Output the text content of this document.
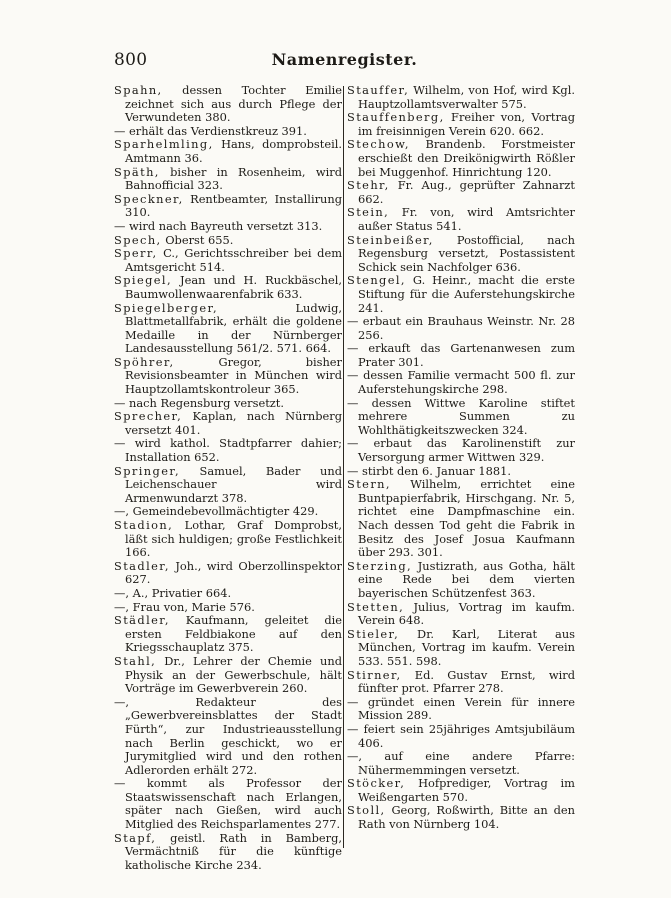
800	Namenregister.

Spahn, dessen Tochter Emilie zeichnet sich aus durch Pflege der Verwundeten 380.

— erhält das Verdienstkreuz 391.

Sparhelmling, Hans, domprobsteil. Amtmann 36.

Späth, bisher in Rosenheim, wird Bahnofficial 323.

Speckner, Rentbeamter, Installirung 310.

— wird nach Bayreuth versetzt 313.

Spech, Oberst 655.

Sperr, C., Gerichtsschreiber bei dem Amtsgericht 514.

Spiegel, Jean und H. Ruckbäschel, Baumwollenwaarenfabrik 633.

Spiegelberger, Ludwig, Blattmetallfabrik, erhält die goldene Medaille in der Nürnberger Landesausstellung 561/2. 571. 664.

Spöhrer, Gregor, bisher Revisionsbeamter in München wird Hauptzollamtskontroleur 365.

— nach Regensburg versetzt.

Sprecher, Kaplan, nach Nürnberg versetzt 401.

— wird kathol. Stadtpfarrer dahier; Installation 652.

Springer, Samuel, Bader und Leichenschauer wird Armenwundarzt 378.

—, Gemeindebevollmächtigter 429.

Stadion, Lothar, Graf Domprobst, läßt sich huldigen; große Festlichkeit 166.

Stadler, Joh., wird Oberzollinspektor 627.

—, A., Privatier 664.

—, Frau von, Marie 576.

Städler, Kaufmann, geleitet die ersten Feldbiakone auf den Kriegsschauplatz 375.

Stahl, Dr., Lehrer der Chemie und Physik an der Gewerbschule, hält Vorträge im Gewerbverein 260.

—, Redakteur des „Gewerbvereinsblattes der Stadt Fürth“, zur Industrieausstellung nach Berlin geschickt, wo er Jurymitglied wird und den rothen Adlerorden erhält 272.

— kommt als Professor der Staatswissenschaft nach Erlangen, später nach Gießen, wird auch Mitglied des Reichsparlamentes 277.

Stapf, geistl. Rath in Bamberg, Vermächtniß für die künftige katholische Kirche 234.

Stauffer, Wilhelm, von Hof, wird Kgl. Hauptzollamtsverwalter 575.

Stauffenberg, Freiher von, Vortrag im freisinnigen Verein 620. 662.

Stechow, Brandenb. Forstmeister erschießt den Dreikönigwirth Rößler bei Muggenhof. Hinrichtung 120.

Stehr, Fr. Aug., geprüfter Zahnarzt 662.

Stein, Fr. von, wird Amtsrichter außer Status 541.

Steinbeißer, Postofficial, nach Regensburg versetzt, Postassistent Schick sein Nachfolger 636.

Stengel, G. Heinr., macht die erste Stiftung für die Auferstehungskirche 241.

— erbaut ein Brauhaus Weinstr. Nr. 28 256.

— erkauft das Gartenanwesen zum Prater 301.

— dessen Familie vermacht 500 fl. zur Auferstehungskirche 298.

— dessen Wittwe Karoline stiftet mehrere Summen zu Wohlthätigkeitszwecken 324.

— erbaut das Karolinenstift zur Versorgung armer Wittwen 329.

— stirbt den 6. Januar 1881.

Stern, Wilhelm, errichtet eine Buntpapierfabrik, Hirschgang. Nr. 5, richtet eine Dampfmaschine ein. Nach dessen Tod geht die Fabrik in Besitz des Josef Josua Kaufmann über 293. 301.

Sterzing, Justizrath, aus Gotha, hält eine Rede bei dem vierten bayerischen Schützenfest 363.

Stetten, Julius, Vortrag im kaufm. Verein 648.

Stieler, Dr. Karl, Literat aus München, Vortrag im kaufm. Verein 533. 551. 598.

Stirner, Ed. Gustav Ernst, wird fünfter prot. Pfarrer 278.

— gründet einen Verein für innere Mission 289.

— feiert sein 25jähriges Amtsjubiläum 406.

—, auf eine andere Pfarre: Nühermemmingen versetzt.

Stöcker, Hofprediger, Vortrag im Weißengarten 570.

Stoll, Georg, Roßwirth, Bitte an den Rath von Nürnberg 104.
